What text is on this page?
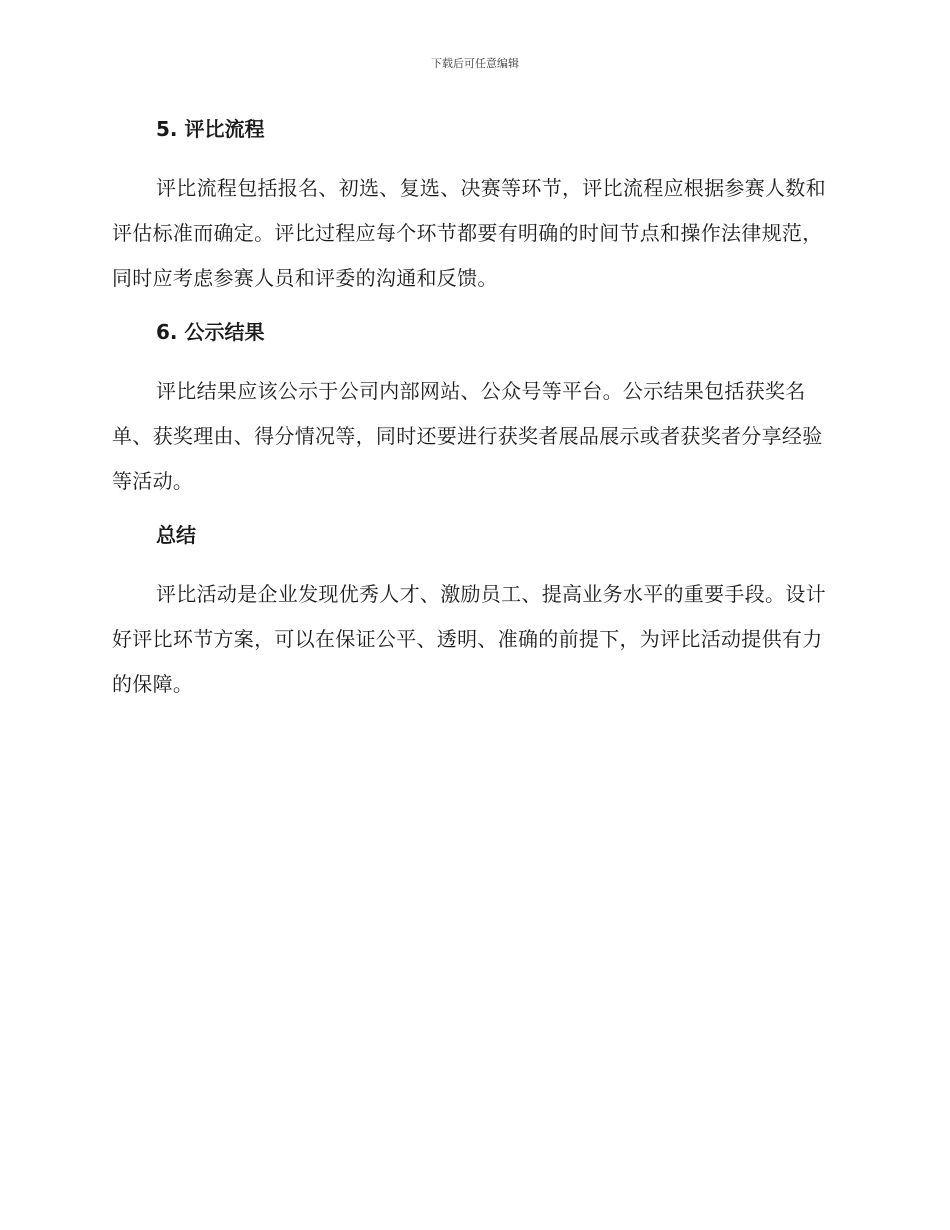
下载后可任意编辑
5. 评比流程

评比流程包括报名、初选、复选、决赛等环节，评比流程应根据参赛人数和评估标准而确定。评比过程应每个环节都要有明确的时间节点和操作法律规范，同时应考虑参赛人员和评委的沟通和反馈。

6. 公示结果

评比结果应该公示于公司内部网站、公众号等平台。公示结果包括获奖名单、获奖理由、得分情况等，同时还要进行获奖者展品展示或者获奖者分享经验等活动。

总结

评比活动是企业发现优秀人才、激励员工、提高业务水平的重要手段。设计好评比环节方案，可以在保证公平、透明、准确的前提下，为评比活动提供有力的保障。
